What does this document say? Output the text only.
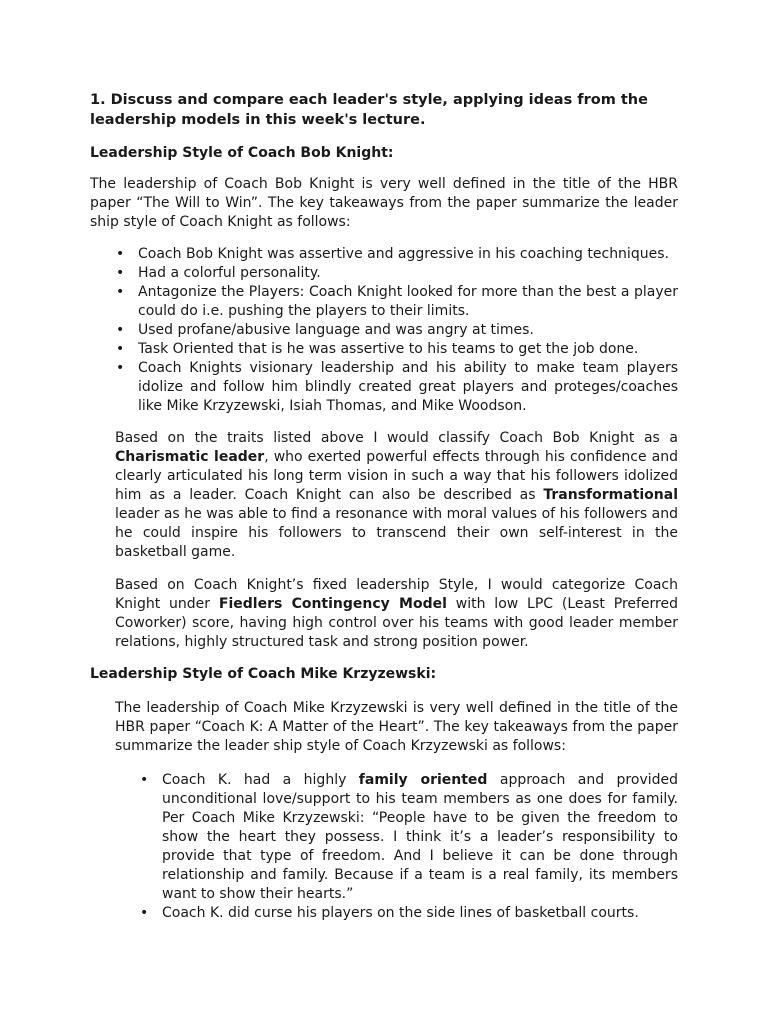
1. Discuss and compare each leader's style, applying ideas from the leadership models in this week's lecture.
Leadership Style of Coach Bob Knight:
The leadership of Coach Bob Knight is very well defined in the title of the HBR paper “The Will to Win”. The key takeaways from the paper summarize the leader ship style of Coach Knight as follows:
• Coach Bob Knight was assertive and aggressive in his coaching techniques.
• Had a colorful personality.
• Antagonize the Players: Coach Knight looked for more than the best a player could do i.e. pushing the players to their limits.
• Used profane/abusive language and was angry at times.
• Task Oriented that is he was assertive to his teams to get the job done.
• Coach Knights visionary leadership and his ability to make team players idolize and follow him blindly created great players and proteges/coaches like Mike Krzyzewski, Isiah Thomas, and Mike Woodson.
Based on the traits listed above I would classify Coach Bob Knight as a Charismatic leader, who exerted powerful effects through his confidence and clearly articulated his long term vision in such a way that his followers idolized him as a leader. Coach Knight can also be described as Transformational leader as he was able to find a resonance with moral values of his followers and he could inspire his followers to transcend their own self-interest in the basketball game.
Based on Coach Knight’s fixed leadership Style, I would categorize Coach Knight under Fiedlers Contingency Model with low LPC (Least Preferred Coworker) score, having high control over his teams with good leader member relations, highly structured task and strong position power.
Leadership Style of Coach Mike Krzyzewski:
The leadership of Coach Mike Krzyzewski is very well defined in the title of the HBR paper “Coach K: A Matter of the Heart”. The key takeaways from the paper summarize the leader ship style of Coach Krzyzewski as follows:
• Coach K. had a highly family oriented approach and provided unconditional love/support to his team members as one does for family. Per Coach Mike Krzyzewski: “People have to be given the freedom to show the heart they possess. I think it’s a leader’s responsibility to provide that type of freedom. And I believe it can be done through relationship and family. Because if a team is a real family, its members want to show their hearts.”
• Coach K. did curse his players on the side lines of basketball courts.
